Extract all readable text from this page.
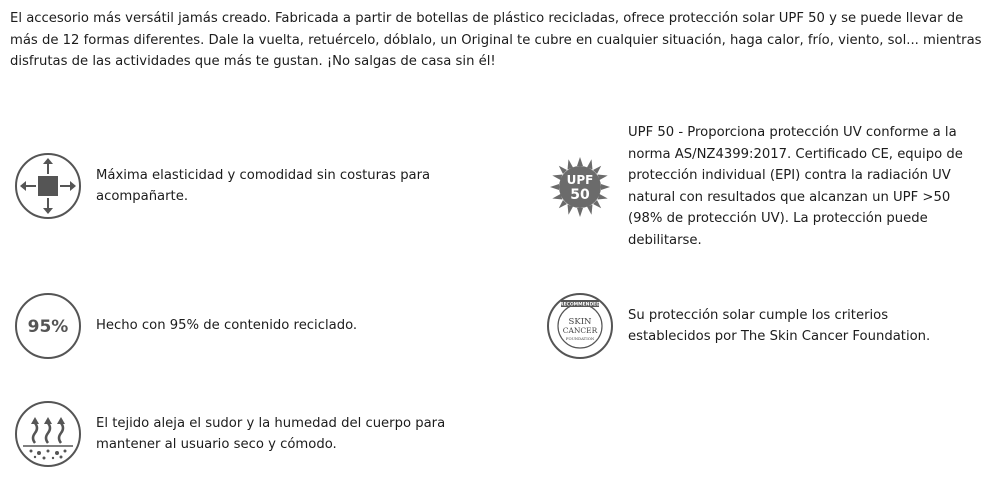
El accesorio más versátil jamás creado. Fabricada a partir de botellas de plástico recicladas, ofrece protección solar UPF 50 y se puede llevar de más de 12 formas diferentes. Dale la vuelta, retuércelo, dóblalo, un Original te cubre en cualquier situación, haga calor, frío, viento, sol... mientras disfrutas de las actividades que más te gustan. ¡No salgas de casa sin él!

Máxima elasticidad y comodidad sin costuras para acompañarte.
95% Hecho con 95% de contenido reciclado.
El tejido aleja el sudor y la humedad del cuerpo para mantener al usuario seco y cómodo.
UPF
50
UPF 50 - Proporciona protección UV conforme a la norma AS/NZ4399:2017. Certificado CE, equipo de protección individual (EPI) contra la radiación UV natural con resultados que alcanzan un UPF >50 (98% de protección UV). La protección puede debilitarse.
RECOMMENDED
SKIN
CANCER
FOUNDATION
Su protección solar cumple los criterios establecidos por The Skin Cancer Foundation.
